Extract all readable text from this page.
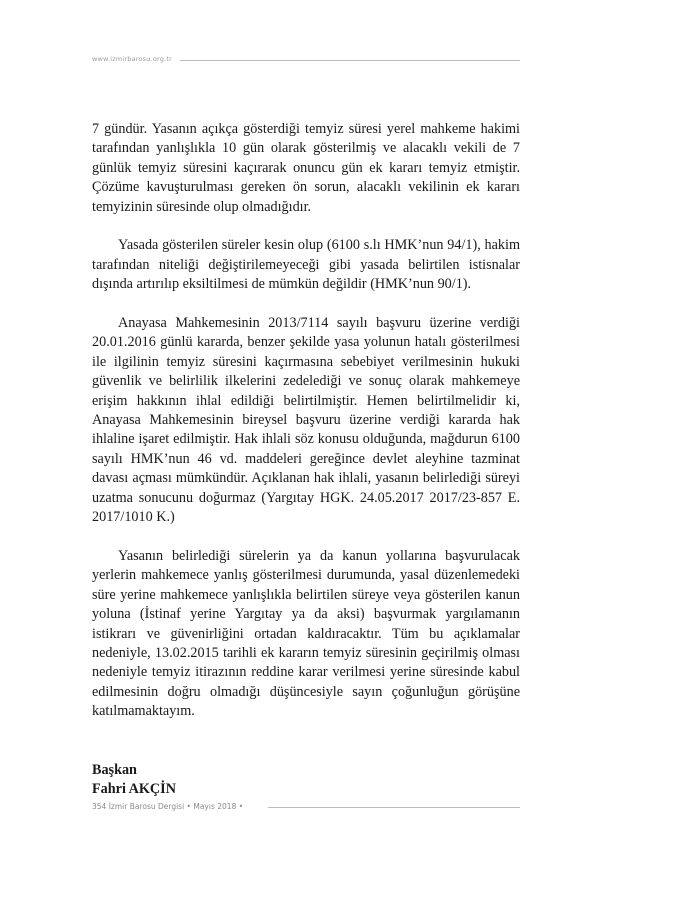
www.izmirbarosu.org.tr

7 gündür. Yasanın açıkça gösterdiği temyiz süresi yerel mahkeme hakimi tarafından yanlışlıkla 10 gün olarak gösterilmiş ve alacaklı vekili de 7 günlük temyiz süresini kaçırarak onuncu gün ek kararı temyiz etmiştir. Çözüme kavuşturulması gereken ön sorun, alacaklı vekilinin ek kararı temyizinin süresinde olup olmadığıdır.

Yasada gösterilen süreler kesin olup (6100 s.lı HMK’nun 94/1), hakim tarafından niteliği değiştirilemeyeceği gibi yasada belirtilen istisnalar dışında artırılıp eksiltilmesi de mümkün değildir (HMK’nun 90/1).

Anayasa Mahkemesinin 2013/7114 sayılı başvuru üzerine verdiği 20.01.2016 günlü kararda, benzer şekilde yasa yolunun hatalı gösterilmesi ile ilgilinin temyiz süresini kaçırmasına sebebiyet verilmesinin hukuki güvenlik ve belirlilik ilkelerini zedelediği ve sonuç olarak mahkemeye erişim hakkının ihlal edildiği belirtilmiştir. Hemen belirtilmelidir ki, Anayasa Mahkemesinin bireysel başvuru üzerine verdiği kararda hak ihlaline işaret edilmiştir. Hak ihlali söz konusu olduğunda, mağdurun 6100 sayılı HMK’nun 46 vd. maddeleri gereğince devlet aleyhine tazminat davası açması mümkündür. Açıklanan hak ihlali, yasanın belirlediği süreyi uzatma sonucunu doğurmaz (Yargıtay HGK. 24.05.2017 2017/23-857 E. 2017/1010 K.)

Yasanın belirlediği sürelerin ya da kanun yollarına başvurulacak yerlerin mahkemece yanlış gösterilmesi durumunda, yasal düzenlemedeki süre yerine mahkemece yanlışlıkla belirtilen süreye veya gösterilen kanun yoluna (İstinaf yerine Yargıtay ya da aksi) başvurmak yargılamanın istikrarı ve güvenirliğini ortadan kaldıracaktır. Tüm bu açıklamalar nedeniyle, 13.02.2015 tarihli ek kararın temyiz süresinin geçirilmiş olması nedeniyle temyiz itirazının reddine karar verilmesi yerine süresinde kabul edilmesinin doğru olmadığı düşüncesiyle sayın çoğunluğun görüşüne katılmamaktayım.

Başkan
Fahri AKÇİN
354 İzmir Barosu Dergisi • Mayıs 2018 •
